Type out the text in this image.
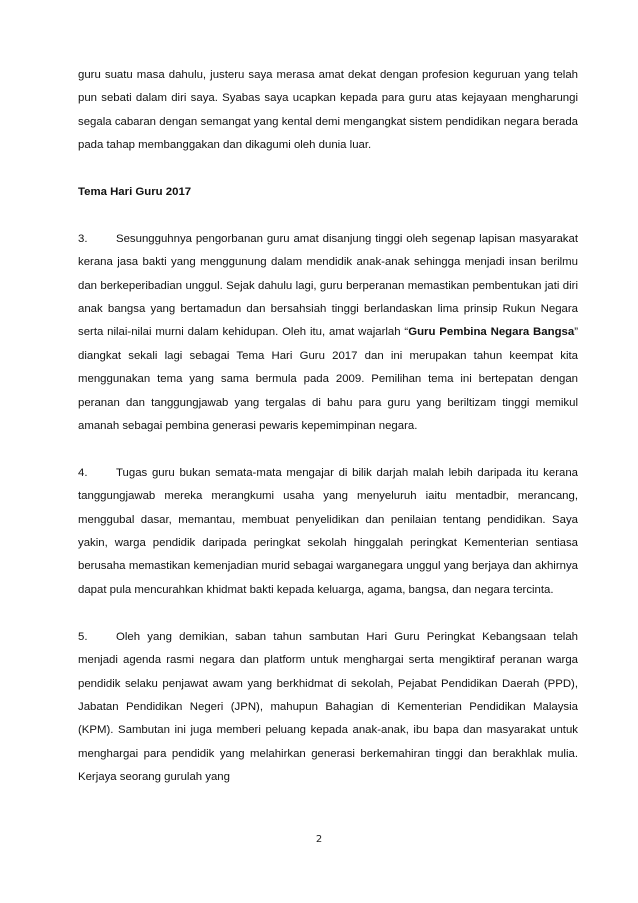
guru suatu masa dahulu, justeru saya merasa amat dekat dengan profesion keguruan yang telah pun sebati dalam diri saya. Syabas saya ucapkan kepada para guru atas kejayaan mengharungi segala cabaran dengan semangat yang kental demi mengangkat sistem pendidikan negara berada pada tahap membanggakan dan dikagumi oleh dunia luar.

Tema Hari Guru 2017

3.	Sesungguhnya pengorbanan guru amat disanjung tinggi oleh segenap lapisan masyarakat kerana jasa bakti yang menggunung dalam mendidik anak-anak sehingga menjadi insan berilmu dan berkeperibadian unggul. Sejak dahulu lagi, guru berperanan memastikan pembentukan jati diri anak bangsa yang bertamadun dan bersahsiah tinggi berlandaskan lima prinsip Rukun Negara serta nilai-nilai murni dalam kehidupan. Oleh itu, amat wajarlah “Guru Pembina Negara Bangsa” diangkat sekali lagi sebagai Tema Hari Guru 2017 dan ini merupakan tahun keempat kita menggunakan tema yang sama bermula pada 2009. Pemilihan tema ini bertepatan dengan peranan dan tanggungjawab yang tergalas di bahu para guru yang beriltizam tinggi memikul amanah sebagai pembina generasi pewaris kepemimpinan negara.

4.	Tugas guru bukan semata-mata mengajar di bilik darjah malah lebih daripada itu kerana tanggungjawab mereka merangkumi usaha yang menyeluruh iaitu mentadbir, merancang, menggubal dasar, memantau, membuat penyelidikan dan penilaian tentang pendidikan. Saya yakin, warga pendidik daripada peringkat sekolah hinggalah peringkat Kementerian sentiasa berusaha memastikan kemenjadian murid sebagai warganegara unggul yang berjaya dan akhirnya dapat pula mencurahkan khidmat bakti kepada keluarga, agama, bangsa, dan negara tercinta.

5.	Oleh yang demikian, saban tahun sambutan Hari Guru Peringkat Kebangsaan telah menjadi agenda rasmi negara dan platform untuk menghargai serta mengiktiraf peranan warga pendidik selaku penjawat awam yang berkhidmat di sekolah, Pejabat Pendidikan Daerah (PPD), Jabatan Pendidikan Negeri (JPN), mahupun Bahagian di Kementerian Pendidikan Malaysia (KPM). Sambutan ini juga memberi peluang kepada anak-anak, ibu bapa dan masyarakat untuk menghargai para pendidik yang melahirkan generasi berkemahiran tinggi dan berakhlak mulia. Kerjaya seorang gurulah yang

2
